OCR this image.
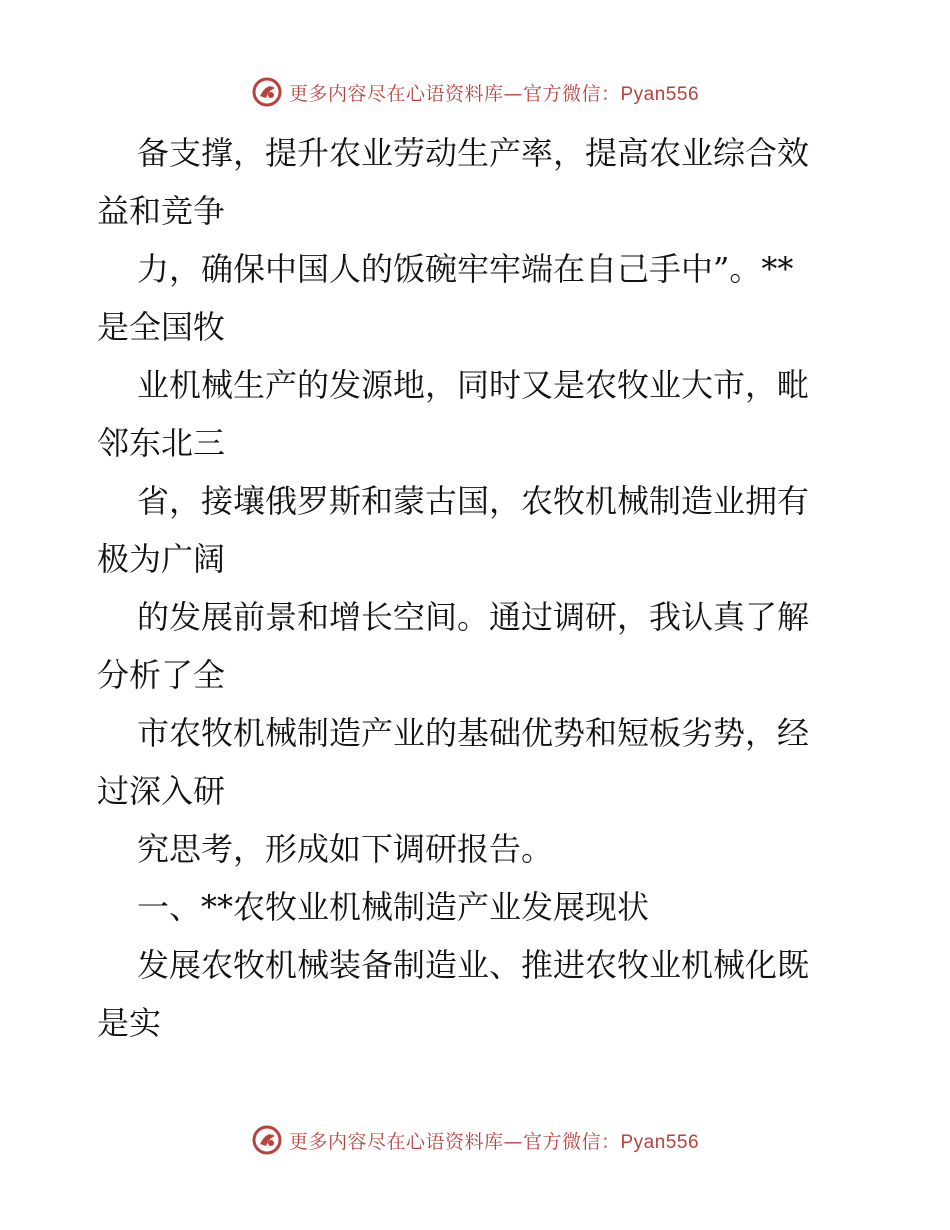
更多内容尽在心语资料库—官方微信：Pyan556
备支撑，提升农业劳动生产率，提高农业综合效
益和竞争
力，确保中国人的饭碗牢牢端在自己手中”。**
是全国牧
业机械生产的发源地，同时又是农牧业大市，毗
邻东北三
省，接壤俄罗斯和蒙古国，农牧机械制造业拥有
极为广阔
的发展前景和增长空间。通过调研，我认真了解
分析了全
市农牧机械制造产业的基础优势和短板劣势，经
过深入研
究思考，形成如下调研报告。
一、**农牧业机械制造产业发展现状
发展农牧机械装备制造业、推进农牧业机械化既
是实
更多内容尽在心语资料库—官方微信：Pyan556
